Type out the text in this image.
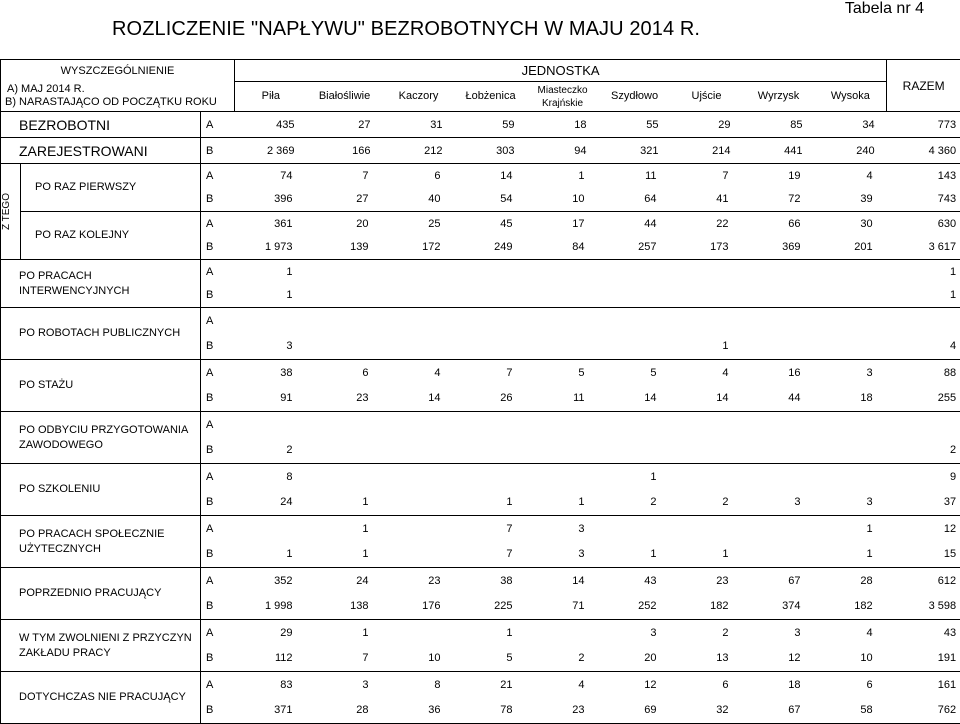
ROZLICZENIE "NAPŁYWU" BEZROBOTNYCH W MAJU 2014 R.
Tabela nr 4
WYSZCZEGÓLNIENIE			JEDNOSTKA									RAZEM

A) MAJ 2014 R.
B) NARASTAJĄCO OD POCZĄTKU ROKU			Piła	Białośliwie	Kaczory	Łobżenica	Miasteczko Krajńskie	Szydłowo	Ujście	Wyrzysk	Wysoka	
BEZROBOTNI		A	435	27	31	59	18	55	29	85	34	773
ZAREJESTROWANI		B	2 369	166	212	303	94	321	214	441	240	4 360

Z TEGO	PO RAZ PIERWSZY	A	74	7	6	14	1	11	7	19	4	143
		B	396	27	40	54	10	64	41	72	39	743
	PO RAZ KOLEJNY	A	361	20	25	45	17	44	22	66	30	630
		B	1 973	139	172	249	84	257	173	369	201	3 617
PO PRACACH INTERWENCYJNYCH		A	1									1
		B	1									1
PO ROBOTACH PUBLICZNYCH		A										
		B	3						1			4
PO STAŻU		A	38	6	4	7	5	5	4	16	3	88
		B	91	23	14	26	11	14	14	44	18	255
PO ODBYCIU PRZYGOTOWANIA ZAWODOWEGO		A										
		B	2									2
PO SZKOLENIU		A	8					1				9
		B	24	1		1	1	2	2	3	3	37
PO PRACACH SPOŁECZNIE UŻYTECZNYCH		A		1		7	3				1	12
		B	1	1		7	3	1	1		1	15
POPRZEDNIO PRACUJĄCY		A	352	24	23	38	14	43	23	67	28	612
		B	1 998	138	176	225	71	252	182	374	182	3 598
W TYM ZWOLNIENI Z PRZYCZYN ZAKŁADU PRACY		A	29	1		1		3	2	3	4	43
		B	112	7	10	5	2	20	13	12	10	191
DOTYCHCZAS NIE PRACUJĄCY		A	83	3	8	21	4	12	6	18	6	161
		B	371	28	36	78	23	69	32	67	58	762
